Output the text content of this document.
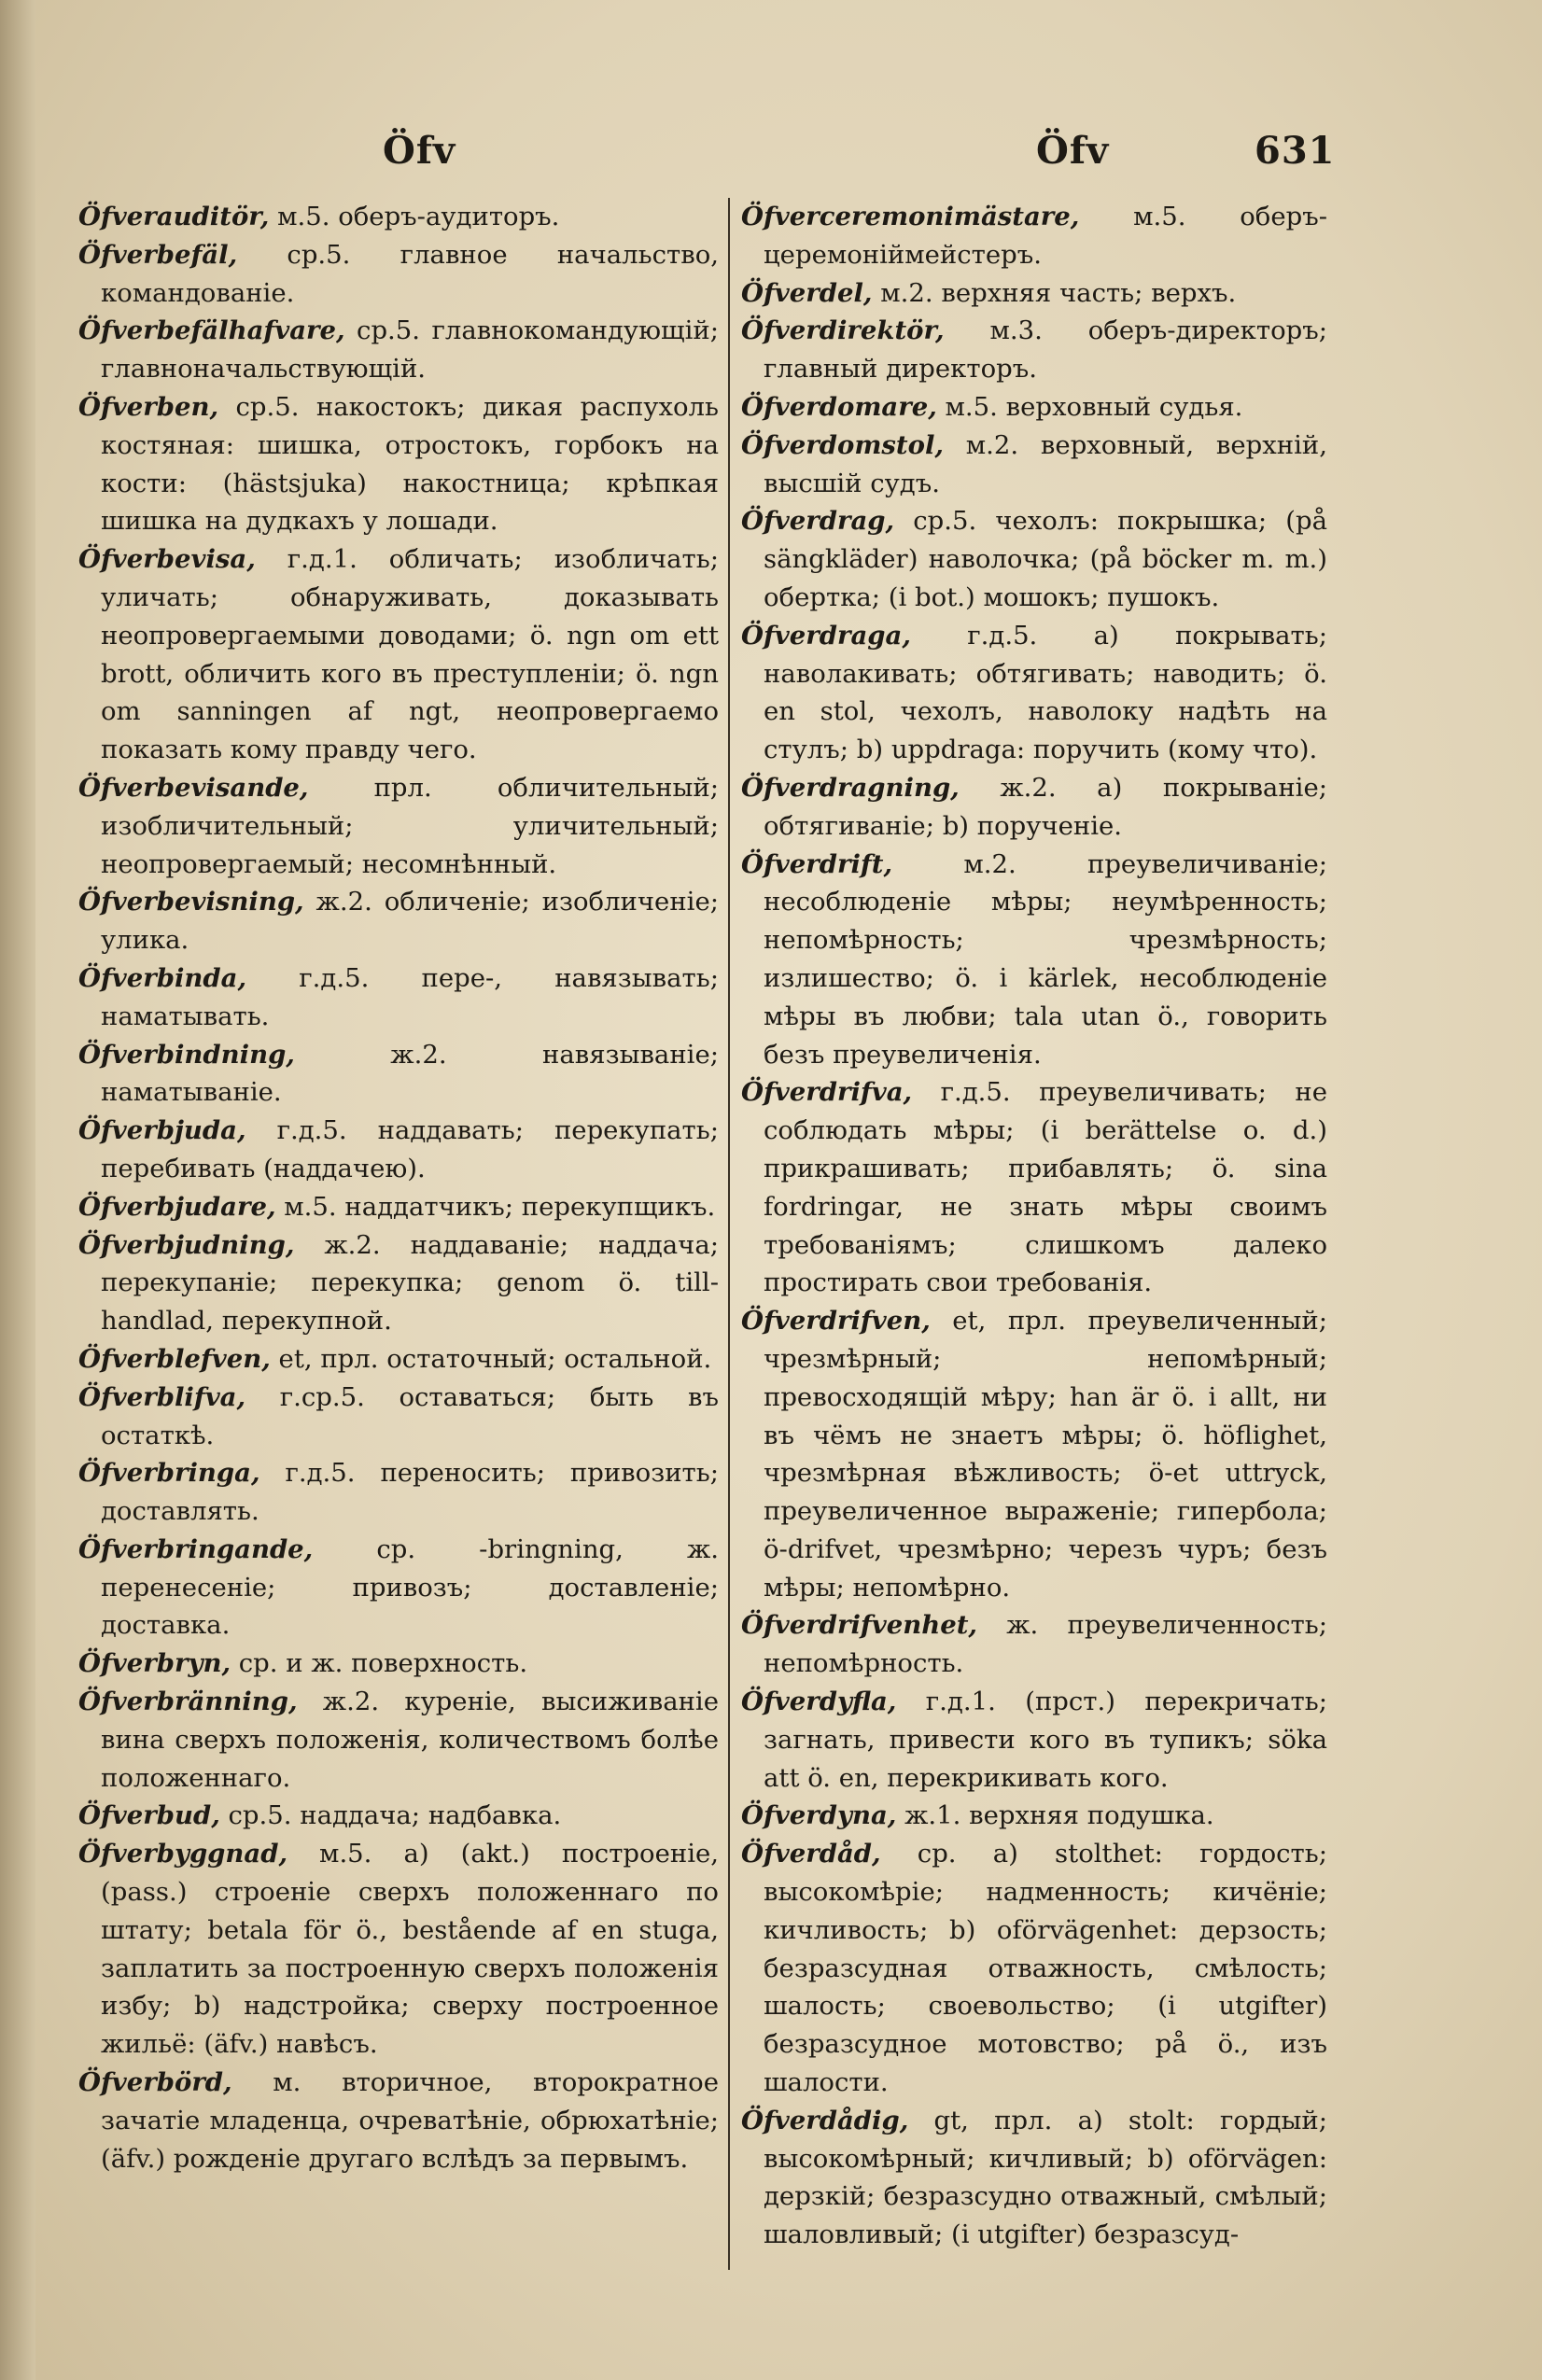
Öfv	Öfv	631

Öfverauditör, м.5. оберъ-аудиторъ.

Öfverbefäl, ср.5. главное начальство, командованіе.

Öfverbefälhafvare, ср.5. главнокомандующій; главноначальствующій.

Öfverben, ср.5. накостокъ; дикая распухоль костяная: шишка, отростокъ, горбокъ на кости: (hästsjuka) накостница; крѣпкая шишка на дудкахъ у лошади.

Öfverbevisa, г.д.1. обличать; изобличать; уличать; обнаруживать, доказывать неопровергаемыми доводами; ö. ngn om ett brott, обличить кого въ преступленіи; ö. ngn om sanningen af ngt, неопровергаемо показать кому правду чего.

Öfverbevisande, прл. обличительный; изобличительный; уличительный; неопровергаемый; несомнѣнный.

Öfverbevisning, ж.2. обличеніе; изобличеніе; улика.

Öfverbinda, г.д.5. пере-, навязывать; наматывать.

Öfverbindning, ж.2. навязываніе; наматываніе.

Öfverbjuda, г.д.5. наддавать; перекупать; перебивать (наддачею).

Öfverbjudare, м.5. наддатчикъ; перекупщикъ.

Öfverbjudning, ж.2. наддаваніе; наддача; перекупаніе; перекупка; genom ö. till-handlad, перекупной.

Öfverblefven, et, прл. остаточный; остальной.

Öfverblifva, г.ср.5. оставаться; быть въ остаткѣ.

Öfverbringa, г.д.5. переносить; привозить; доставлять.

Öfverbringande, ср. -bringning, ж. перенесеніе; привозъ; доставленіе; доставка.

Öfverbryn, ср. и ж. поверхность.

Öfverbränning, ж.2. куреніе, высиживаніе вина сверхъ положенія, количествомъ болѣе положеннаго.

Öfverbud, ср.5. наддача; надбавка.

Öfverbyggnad, м.5. a) (akt.) построеніе, (pass.) строеніе сверхъ положеннаго по штату; betala för ö., bestående af en stuga, заплатить за построенную сверхъ положенія избу; b) надстройка; сверху построенное жильё: (äfv.) навѣсъ.

Öfverbörd, м. вторичное, вторократное зачатіе младенца, очреватѣніе, обрюхатѣніе; (äfv.) рожденіе другаго вслѣдъ за первымъ.

Öfverceremonimästare, м.5. оберъ-церемоніймейстеръ.

Öfverdel, м.2. верхняя часть; верхъ.

Öfverdirektör, м.3. оберъ-директоръ; главный директоръ.

Öfverdomare, м.5. верховный судья.

Öfverdomstol, м.2. верховный, верхній, высшій судъ.

Öfverdrag, ср.5. чехолъ: покрышка; (på sängkläder) наволочка; (på böcker m. m.) обертка; (i bot.) мошокъ; пушокъ.

Öfverdraga, г.д.5. a) покрывать; наволакивать; обтягивать; наводить; ö. en stol, чехолъ, наволоку надѣть на стулъ; b) uppdraga: поручить (кому что).

Öfverdragning, ж.2. a) покрываніе; обтягиваніе; b) порученіе.

Öfverdrift, м.2. преувеличиваніе; несоблюденіе мѣры; неумѣренность; непомѣрность; чрезмѣрность; излишество; ö. i kärlek, несоблюденіе мѣры въ любви; tala utan ö., говорить безъ преувеличенія.

Öfverdrifva, г.д.5. преувеличивать; не соблюдать мѣры; (i berättelse o. d.) прикрашивать; прибавлять; ö. sina fordringar, не знать мѣры своимъ требованіямъ; слишкомъ далеко простирать свои требованія.

Öfverdrifven, et, прл. преувеличенный; чрезмѣрный; непомѣрный; превосходящій мѣру; han är ö. i allt, ни въ чёмъ не знаетъ мѣры; ö. höflighet, чрезмѣрная вѣжливость; ö-et uttryck, преувеличенное выраженіе; гипербола; ö-drifvet, чрезмѣрно; черезъ чуръ; безъ мѣры; непомѣрно.

Öfverdrifvenhet, ж. преувеличенность; непомѣрность.

Öfverdyfla, г.д.1. (прст.) перекричать; загнать, привести кого въ тупикъ; söka att ö. en, перекрикивать кого.

Öfverdyna, ж.1. верхняя подушка.

Öfverdåd, ср. a) stolthet: гордость; высокомѣріе; надменность; кичёніе; кичливость; b) oförvägenhet: дерзость; безразсудная отважность, смѣлость; шалость; своевольство; (i utgifter) безразсудное мотовство; på ö., изъ шалости.

Öfverdådig, gt, прл. a) stolt: гордый; высокомѣрный; кичливый; b) oförvägen: дерзкій; безразсудно отважный, смѣлый; шаловливый; (i utgifter) безразсуд-
